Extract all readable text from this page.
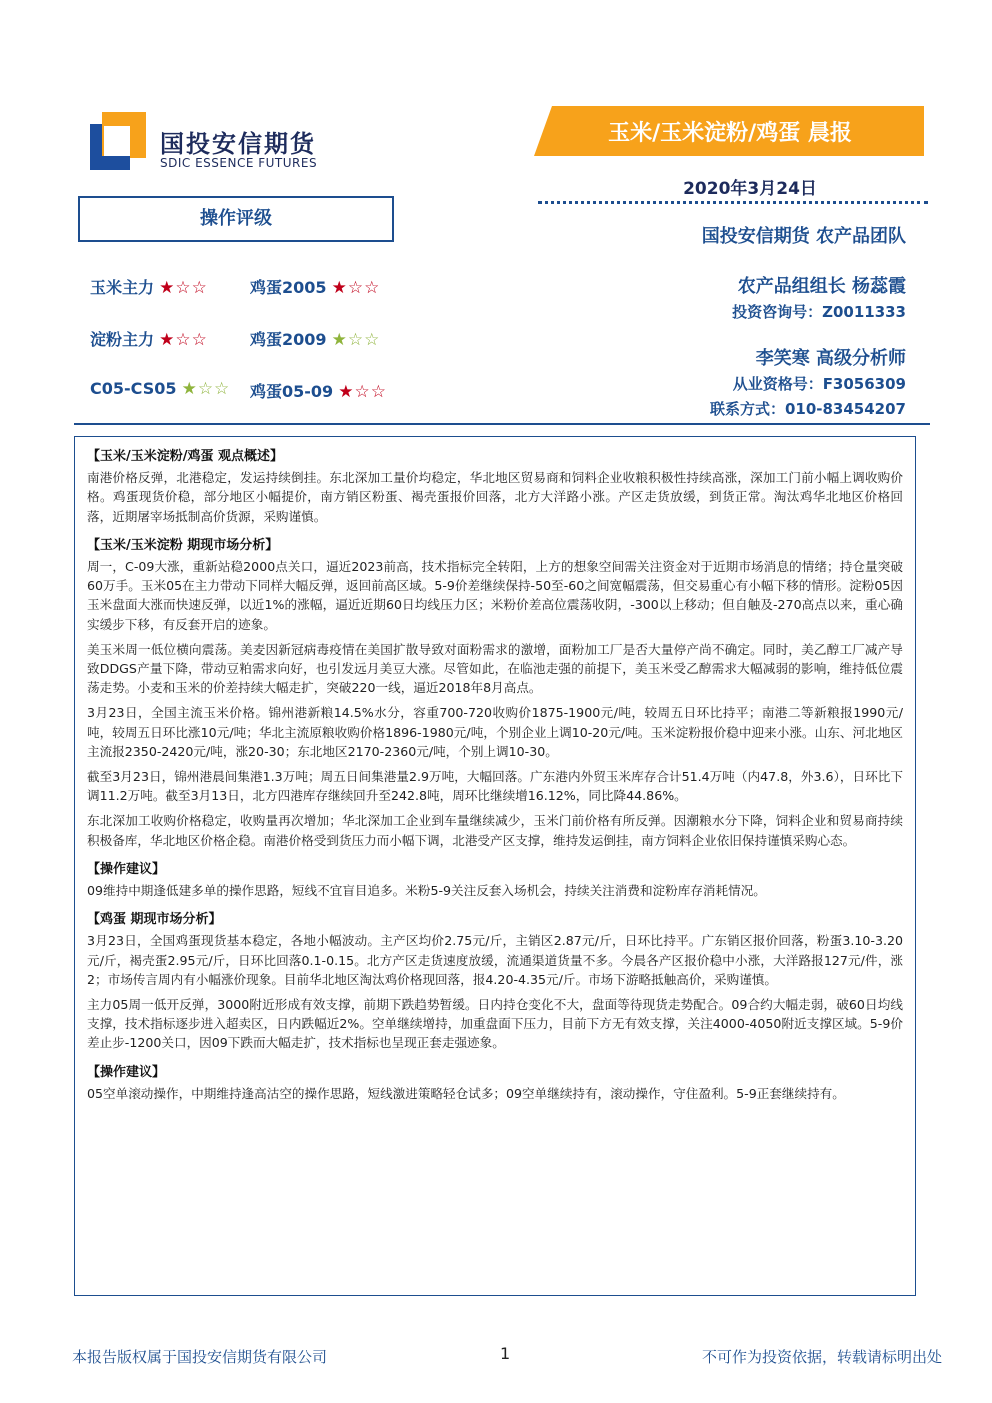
国投安信期货
SDIC ESSENCE FUTURES
玉米/玉米淀粉/鸡蛋 晨报
2020年3月24日
操作评级
玉米主力 ★☆☆	鸡蛋2005 ★☆☆
淀粉主力 ★☆☆	鸡蛋2009 ★☆☆
C05-CS05 ★☆☆ 鸡蛋05-09 ★☆☆
国投安信期货 农产品团队
农产品组组长 杨蕊霞
投资咨询号：Z0011333
李笑寒 高级分析师
从业资格号：F3056309
联系方式：010-83454207
【玉米/玉米淀粉/鸡蛋 观点概述】

南港价格反弹，北港稳定，发运持续倒挂。东北深加工量价均稳定，华北地区贸易商和饲料企业收粮积极性持续高涨，深加工门前小幅上调收购价格。鸡蛋现货价稳，部分地区小幅提价，南方销区粉蛋、褐壳蛋报价回落，北方大洋路小涨。产区走货放缓，到货正常。淘汰鸡华北地区价格回落，近期屠宰场抵制高价货源，采购谨慎。

【玉米/玉米淀粉 期现市场分析】

周一，C-09大涨，重新站稳2000点关口，逼近2023前高，技术指标完全转阳，上方的想象空间需关注资金对于近期市场消息的情绪；持仓量突破60万手。玉米05在主力带动下同样大幅反弹，返回前高区域。5-9价差继续保持-50至-60之间宽幅震荡，但交易重心有小幅下移的情形。淀粉05因玉米盘面大涨而快速反弹，以近1%的涨幅，逼近近期60日均线压力区；米粉价差高位震荡收阴，-300以上移动；但自触及-270高点以来，重心确实缓步下移，有反套开启的迹象。

美玉米周一低位横向震荡。美麦因新冠病毒疫情在美国扩散导致对面粉需求的激增，面粉加工厂是否大量停产尚不确定。同时，美乙醇工厂减产导致DDGS产量下降，带动豆粕需求向好，也引发远月美豆大涨。尽管如此，在临池走强的前提下，美玉米受乙醇需求大幅减弱的影响，维持低位震荡走势。小麦和玉米的价差持续大幅走扩，突破220一线，逼近2018年8月高点。

3月23日，全国主流玉米价格。锦州港新粮14.5%水分，容重700-720收购价1875-1900元/吨，较周五日环比持平；南港二等新粮报1990元/吨，较周五日环比涨10元/吨；华北主流原粮收购价格1896-1980元/吨，个别企业上调10-20元/吨。玉米淀粉报价稳中迎来小涨。山东、河北地区主流报2350-2420元/吨，涨20-30；东北地区2170-2360元/吨，个别上调10-30。

截至3月23日，锦州港晨间集港1.3万吨；周五日间集港量2.9万吨，大幅回落。广东港内外贸玉米库存合计51.4万吨（内47.8，外3.6），日环比下调11.2万吨。截至3月13日，北方四港库存继续回升至242.8吨，周环比继续增16.12%，同比降44.86%。

东北深加工收购价格稳定，收购量再次增加；华北深加工企业到车量继续减少，玉米门前价格有所反弹。因潮粮水分下降，饲料企业和贸易商持续积极备库，华北地区价格企稳。南港价格受到货压力而小幅下调，北港受产区支撑，维持发运倒挂，南方饲料企业依旧保持谨慎采购心态。

【操作建议】

09维持中期逢低建多单的操作思路，短线不宜盲目追多。米粉5-9关注反套入场机会，持续关注消费和淀粉库存消耗情况。

【鸡蛋 期现市场分析】

3月23日，全国鸡蛋现货基本稳定，各地小幅波动。主产区均价2.75元/斤，主销区2.87元/斤，日环比持平。广东销区报价回落，粉蛋3.10-3.20元/斤，褐壳蛋2.95元/斤，日环比回落0.1-0.15。北方产区走货速度放缓，流通渠道货量不多。今晨各产区报价稳中小涨，大洋路报127元/件，涨2；市场传言周内有小幅涨价现象。目前华北地区淘汰鸡价格现回落，报4.20-4.35元/斤。市场下游略抵触高价，采购谨慎。

主力05周一低开反弹，3000附近形成有效支撑，前期下跌趋势暂缓。日内持仓变化不大，盘面等待现货走势配合。09合约大幅走弱，破60日均线支撑，技术指标逐步进入超卖区，日内跌幅近2%。空单继续增持，加重盘面下压力，目前下方无有效支撑，关注4000-4050附近支撑区域。5-9价差止步-1200关口，因09下跌而大幅走扩，技术指标也呈现正套走强迹象。

【操作建议】

05空单滚动操作，中期维持逢高沽空的操作思路，短线激进策略轻仓试多；09空单继续持有，滚动操作，守住盈利。5-9正套继续持有。

本报告版权属于国投安信期货有限公司	1	不可作为投资依据，转载请标明出处
